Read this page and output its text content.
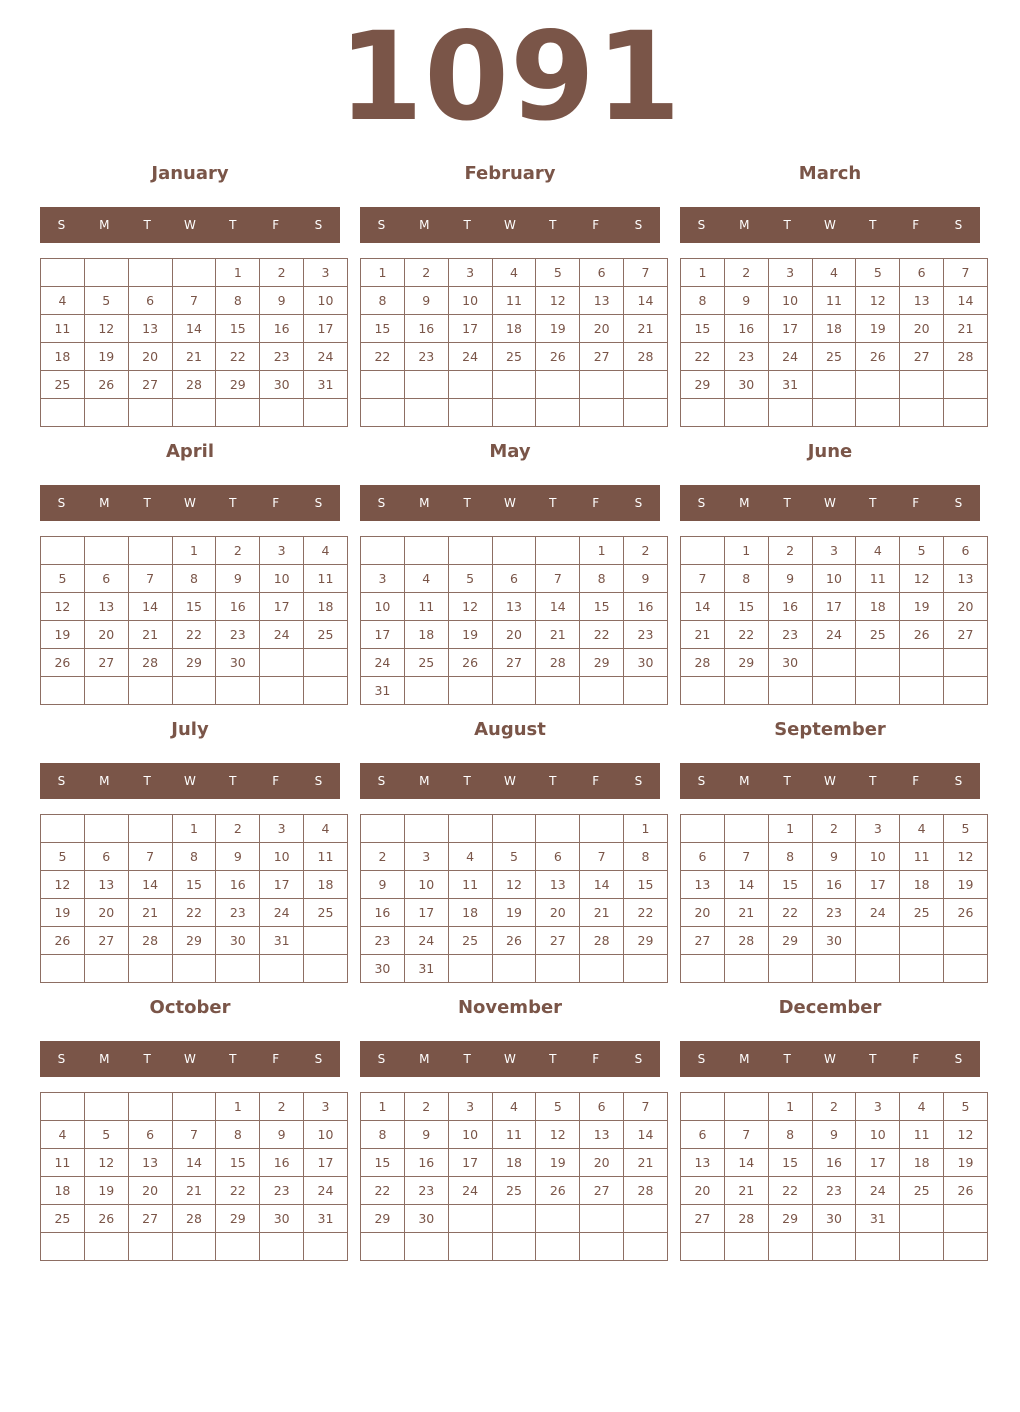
1091
January
S	M	T	W	T	F	S
				1	2	3
4	5	6	7	8	9	10
11	12	13	14	15	16	17
18	19	20	21	22	23	24
25	26	27	28	29	30	31

February
S	M	T	W	T	F	S
1	2	3	4	5	6	7
8	9	10	11	12	13	14
15	16	17	18	19	20	21
22	23	24	25	26	27	28

March
S	M	T	W	T	F	S
1	2	3	4	5	6	7
8	9	10	11	12	13	14
15	16	17	18	19	20	21
22	23	24	25	26	27	28
29	30	31				

April
S	M	T	W	T	F	S
			1	2	3	4
5	6	7	8	9	10	11
12	13	14	15	16	17	18
19	20	21	22	23	24	25
26	27	28	29	30		

May
S	M	T	W	T	F	S
					1	2
3	4	5	6	7	8	9
10	11	12	13	14	15	16
17	18	19	20	21	22	23
24	25	26	27	28	29	30
31						
June
S	M	T	W	T	F	S
	1	2	3	4	5	6
7	8	9	10	11	12	13
14	15	16	17	18	19	20
21	22	23	24	25	26	27
28	29	30				

July
S	M	T	W	T	F	S
			1	2	3	4
5	6	7	8	9	10	11
12	13	14	15	16	17	18
19	20	21	22	23	24	25
26	27	28	29	30	31	

August
S	M	T	W	T	F	S
						1
2	3	4	5	6	7	8
9	10	11	12	13	14	15
16	17	18	19	20	21	22
23	24	25	26	27	28	29
30	31					
September
S	M	T	W	T	F	S
		1	2	3	4	5
6	7	8	9	10	11	12
13	14	15	16	17	18	19
20	21	22	23	24	25	26
27	28	29	30			

October
S	M	T	W	T	F	S
				1	2	3
4	5	6	7	8	9	10
11	12	13	14	15	16	17
18	19	20	21	22	23	24
25	26	27	28	29	30	31

November
S	M	T	W	T	F	S
1	2	3	4	5	6	7
8	9	10	11	12	13	14
15	16	17	18	19	20	21
22	23	24	25	26	27	28
29	30					

December
S	M	T	W	T	F	S
		1	2	3	4	5
6	7	8	9	10	11	12
13	14	15	16	17	18	19
20	21	22	23	24	25	26
27	28	29	30	31		
